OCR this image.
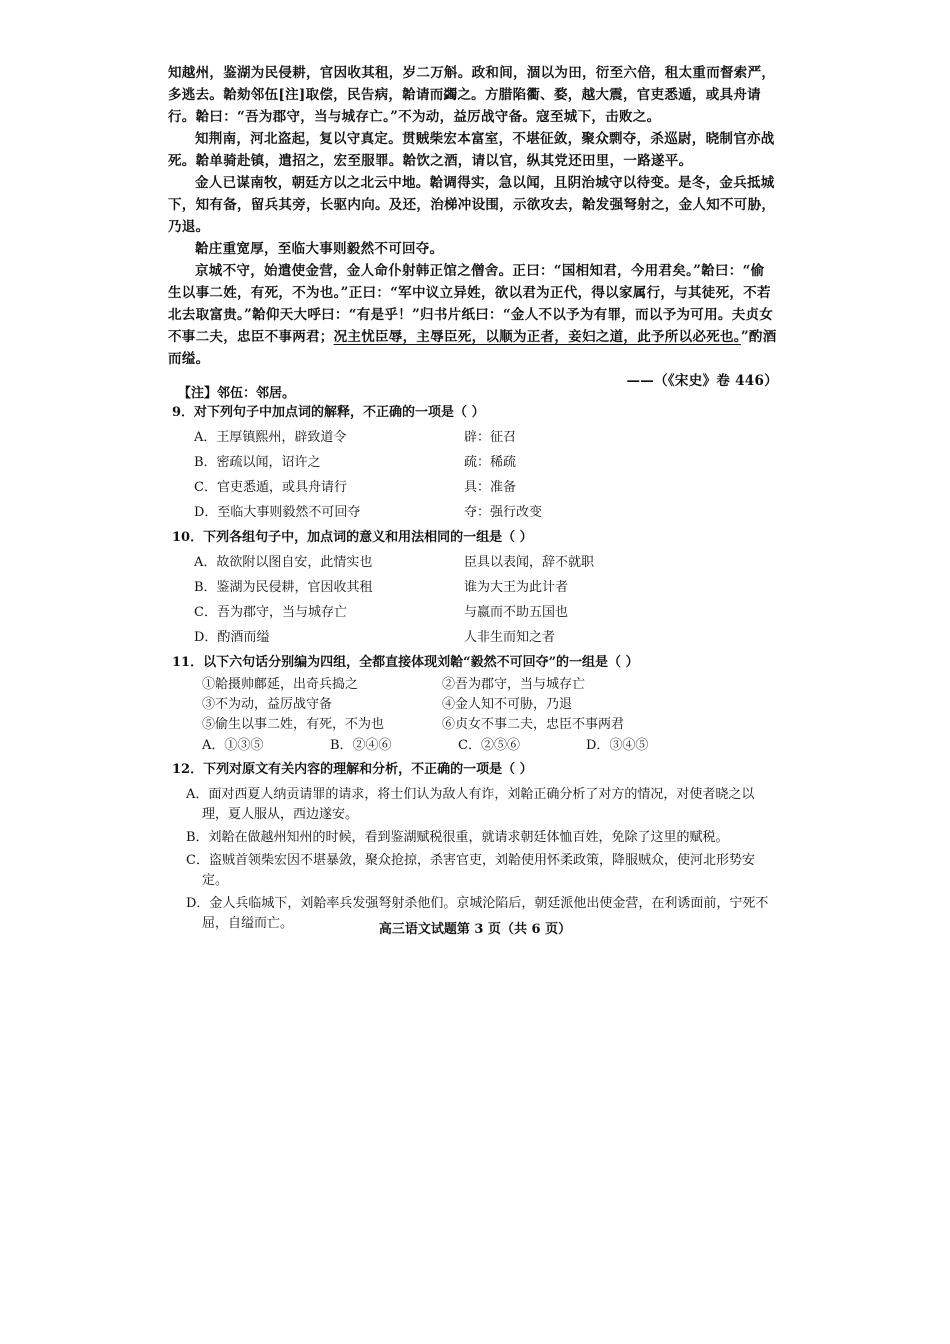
知越州，鉴湖为民侵耕，官因收其租，岁二万斛。政和间，涸以为田，衍至六倍，租太重而督索严，多逃去。韐劾邻伍[注]取偿，民告病，韐请而蠲之。方腊陷衢、婺，越大震，官吏悉遁，或具舟请行。韐曰：“吾为郡守，当与城存亡。”不为动，益厉战守备。寇至城下，击败之。

知荆南，河北盗起，复以守真定。贯贼柴宏本富室，不堪征敛，聚众剽夺，杀巡尉，晓制官亦战死。韐单骑赴镇，遣招之，宏至服罪。韐饮之酒，请以官，纵其党还田里，一路遂平。

金人已谋南牧，朝廷方以之北云中地。韐调得实，急以闻，且阴治城守以待变。是冬，金兵抵城下，知有备，留兵其旁，长驱内向。及还，治梯冲设围，示欲攻去，韐发强弩射之，金人知不可胁，乃退。

韐庄重宽厚，至临大事则毅然不可回夺。

京城不守，始遣使金营，金人命仆射韩正馆之僧舍。正曰：“国相知君，今用君矣。”韐曰：“偷生以事二姓，有死，不为也。”正曰：“军中议立异姓，欲以君为正代，得以家属行，与其徒死，不若北去取富贵。”韐仰天大呼曰：“有是乎！”归书片纸曰：“金人不以予为有罪，而以予为可用。夫贞女不事二夫，忠臣不事两君；况主忧臣辱，主辱臣死，以顺为正者，妾妇之道，此予所以必死也。”酌酒而缢。

——（《宋史》卷 446）
【注】邻伍：邻居。
9．对下列句子中加点词的解释，不正确的一项是（ ）
A．王厚镇熙州，辟致道令	辟：征召
B．密疏以闻，诏许之	疏：稀疏
C．官吏悉遁，或具舟请行	具：准备
D．至临大事则毅然不可回夺	夺：强行改变
10．下列各组句子中，加点词的意义和用法相同的一组是（ ）
A．故欲附以图自安，此情实也	臣具以表闻，辞不就职
B．鉴湖为民侵耕，官因收其租	谁为大王为此计者
C．吾为郡守，当与城存亡	与嬴而不助五国也
D．酌酒而缢	人非生而知之者
11．以下六句话分别编为四组，全都直接体现刘韐“毅然不可回夺”的一组是（ ）
①韐摄帅鄜延，出奇兵捣之	②吾为郡守，当与城存亡
③不为动，益厉战守备	④金人知不可胁，乃退
⑤偷生以事二姓，有死，不为也	⑥贞女不事二夫，忠臣不事两君
A．①③⑤	B．②④⑥	C．②⑤⑥	D．③④⑤
12．下列对原文有关内容的理解和分析，不正确的一项是（ ）
A．面对西夏人纳贡请罪的请求，将士们认为敌人有诈，刘韐正确分析了对方的情况，对使者晓之以理，夏人服从，西边遂安。
B．刘韐在做越州知州的时候，看到鉴湖赋税很重，就请求朝廷体恤百姓，免除了这里的赋税。
C．盗贼首领柴宏因不堪暴敛，聚众抢掠，杀害官吏，刘韐使用怀柔政策，降服贼众，使河北形势安定。
D．金人兵临城下，刘韐率兵发强弩射杀他们。京城沦陷后，朝廷派他出使金营，在利诱面前，宁死不屈，自缢而亡。	高三语文试题第 3 页（共 6 页）
